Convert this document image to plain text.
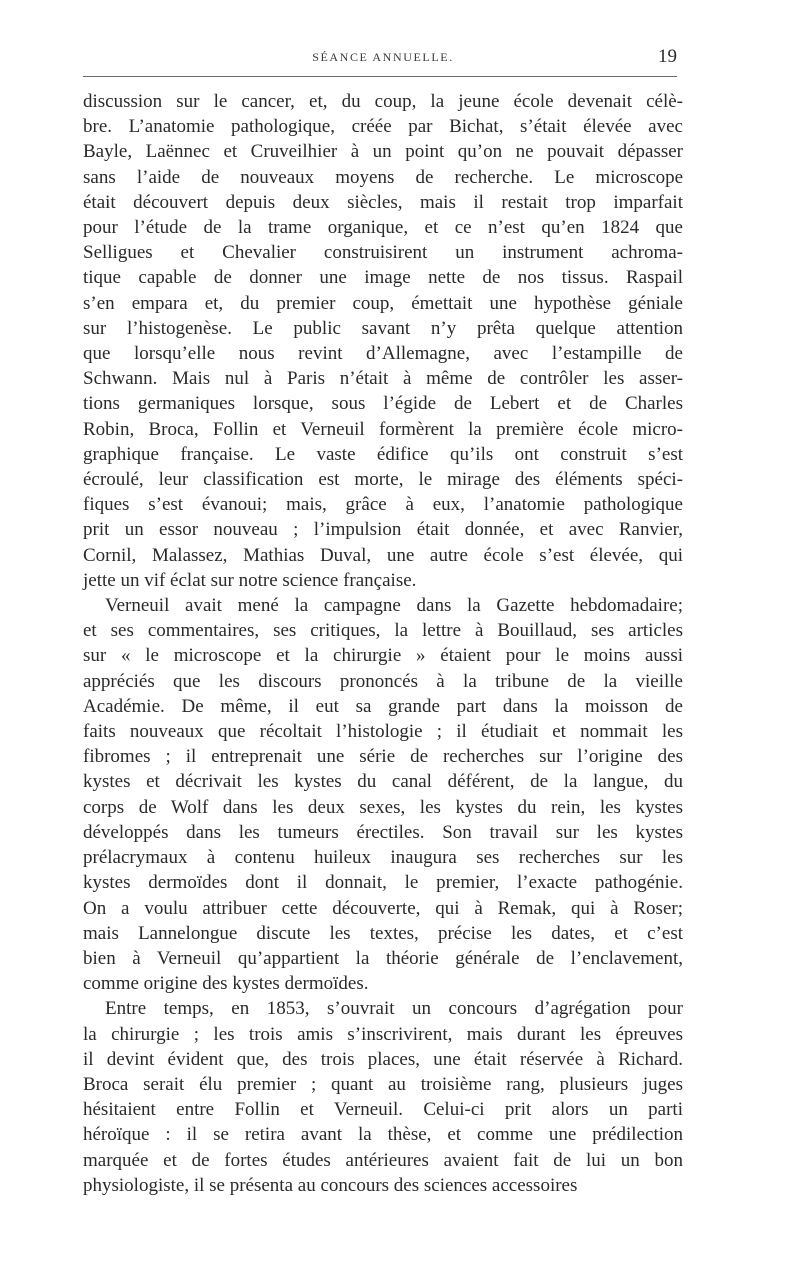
SÉANCE ANNUELLE.	19
discussion sur le cancer, et, du coup, la jeune école devenait célè-
bre. L’anatomie pathologique, créée par Bichat, s’était élevée avec
Bayle, Laënnec et Cruveilhier à un point qu’on ne pouvait dépasser
sans l’aide de nouveaux moyens de recherche. Le microscope
était découvert depuis deux siècles, mais il restait trop imparfait
pour l’étude de la trame organique, et ce n’est qu’en 1824 que
Selligues et Chevalier construisirent un instrument achroma-
tique capable de donner une image nette de nos tissus. Raspail
s’en empara et, du premier coup, émettait une hypothèse géniale
sur l’histogenèse. Le public savant n’y prêta quelque attention
que lorsqu’elle nous revint d’Allemagne, avec l’estampille de
Schwann. Mais nul à Paris n’était à même de contrôler les asser-
tions germaniques lorsque, sous l’égide de Lebert et de Charles
Robin, Broca, Follin et Verneuil formèrent la première école micro-
graphique française. Le vaste édifice qu’ils ont construit s’est
écroulé, leur classification est morte, le mirage des éléments spéci-
fiques s’est évanoui; mais, grâce à eux, l’anatomie pathologique
prit un essor nouveau ; l’impulsion était donnée, et avec Ranvier,
Cornil, Malassez, Mathias Duval, une autre école s’est élevée, qui
jette un vif éclat sur notre science française.
Verneuil avait mené la campagne dans la Gazette hebdomadaire;
et ses commentaires, ses critiques, la lettre à Bouillaud, ses articles
sur « le microscope et la chirurgie » étaient pour le moins aussi
appréciés que les discours prononcés à la tribune de la vieille
Académie. De même, il eut sa grande part dans la moisson de
faits nouveaux que récoltait l’histologie ; il étudiait et nommait les
fibromes ; il entreprenait une série de recherches sur l’origine des
kystes et décrivait les kystes du canal déférent, de la langue, du
corps de Wolf dans les deux sexes, les kystes du rein, les kystes
développés dans les tumeurs érectiles. Son travail sur les kystes
prélacrymaux à contenu huileux inaugura ses recherches sur les
kystes dermoïdes dont il donnait, le premier, l’exacte pathogénie.
On a voulu attribuer cette découverte, qui à Remak, qui à Roser;
mais Lannelongue discute les textes, précise les dates, et c’est
bien à Verneuil qu’appartient la théorie générale de l’enclavement,
comme origine des kystes dermoïdes.
Entre temps, en 1853, s’ouvrait un concours d’agrégation pour
la chirurgie ; les trois amis s’inscrivirent, mais durant les épreuves
il devint évident que, des trois places, une était réservée à Richard.
Broca serait élu premier ; quant au troisième rang, plusieurs juges
hésitaient entre Follin et Verneuil. Celui-ci prit alors un parti
héroïque : il se retira avant la thèse, et comme une prédilection
marquée et de fortes études antérieures avaient fait de lui un bon
physiologiste, il se présenta au concours des sciences accessoires
